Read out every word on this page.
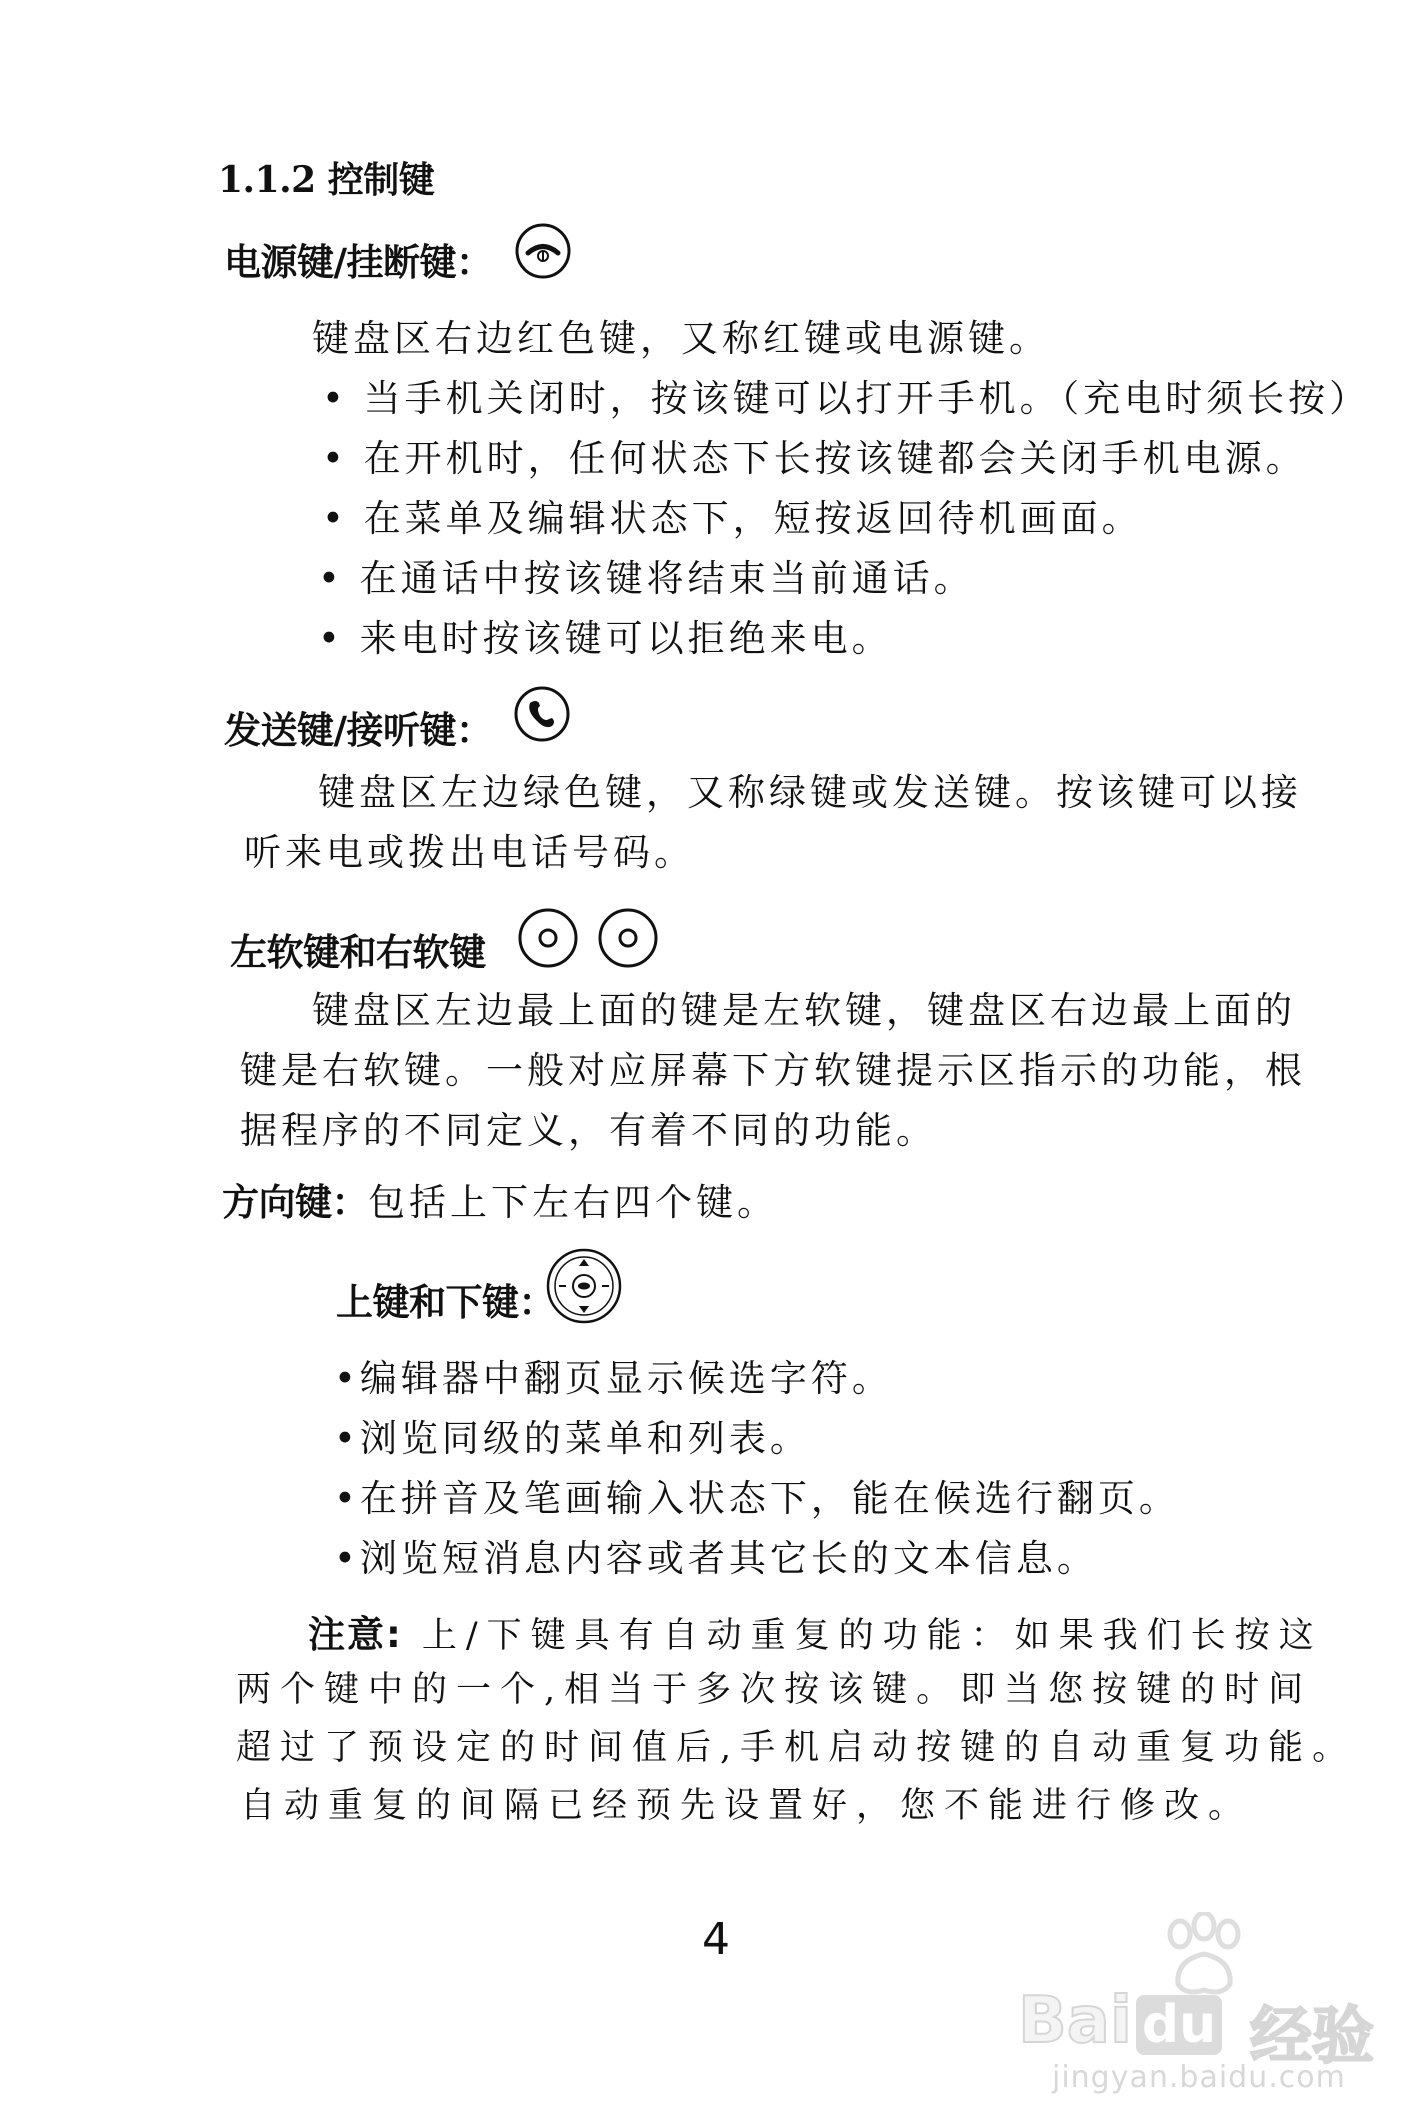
1.1.2 控制键
电源键/挂断键：
键盘区右边红色键，又称红键或电源键。
• 当手机关闭时，按该键可以打开手机。（充电时须长按）
• 在开机时，任何状态下长按该键都会关闭手机电源。
• 在菜单及编辑状态下，短按返回待机画面。
• 在通话中按该键将结束当前通话。
• 来电时按该键可以拒绝来电。
发送键/接听键：
键盘区左边绿色键，又称绿键或发送键。按该键可以接
听来电或拨出电话号码。
左软键和右软键
键盘区左边最上面的键是左软键，键盘区右边最上面的
键是右软键。一般对应屏幕下方软键提示区指示的功能，根
据程序的不同定义，有着不同的功能。
方向键：包括上下左右四个键。
上键和下键：
•编辑器中翻页显示候选字符。
•浏览同级的菜单和列表。
•在拼音及笔画输入状态下，能在候选行翻页。
•浏览短消息内容或者其它长的文本信息。
注意: 上/下键具有自动重复的功能：如果我们长按这
两个键中的一个,相当于多次按该键。即当您按键的时间
超过了预设定的时间值后,手机启动按键的自动重复功能。
自动重复的间隔已经预先设置好，您不能进行修改。
4
Bai du 经验
jingyan.baidu.com
